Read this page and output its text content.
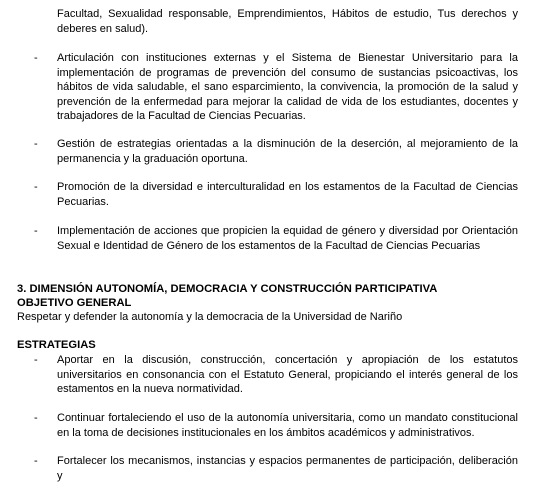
Facultad, Sexualidad responsable, Emprendimientos, Hábitos de estudio, Tus derechos y deberes en salud).
- Articulación con instituciones externas y el Sistema de Bienestar Universitario para la implementación de programas de prevención del consumo de sustancias psicoactivas, los hábitos de vida saludable, el sano esparcimiento, la convivencia, la promoción de la salud y prevención de la enfermedad para mejorar la calidad de vida de los estudiantes, docentes y trabajadores de la Facultad de Ciencias Pecuarias.
- Gestión de estrategias orientadas a la disminución de la deserción, al mejoramiento de la permanencia y la graduación oportuna.
- Promoción de la diversidad e interculturalidad en los estamentos de la Facultad de Ciencias Pecuarias.
- Implementación de acciones que propicien la equidad de género y diversidad por Orientación Sexual e Identidad de Género de los estamentos de la Facultad de Ciencias Pecuarias
3. DIMENSIÓN AUTONOMÍA, DEMOCRACIA Y CONSTRUCCIÓN PARTICIPATIVA
OBJETIVO GENERAL
Respetar y defender la autonomía y la democracia de la Universidad de Nariño
ESTRATEGIAS
- Aportar en la discusión, construcción, concertación y apropiación de los estatutos universitarios en consonancia con el Estatuto General, propiciando el interés general de los estamentos en la nueva normatividad.
- Continuar fortaleciendo el uso de la autonomía universitaria, como un mandato constitucional en la toma de decisiones institucionales en los ámbitos académicos y administrativos.
- Fortalecer los mecanismos, instancias y espacios permanentes de participación, deliberación y
